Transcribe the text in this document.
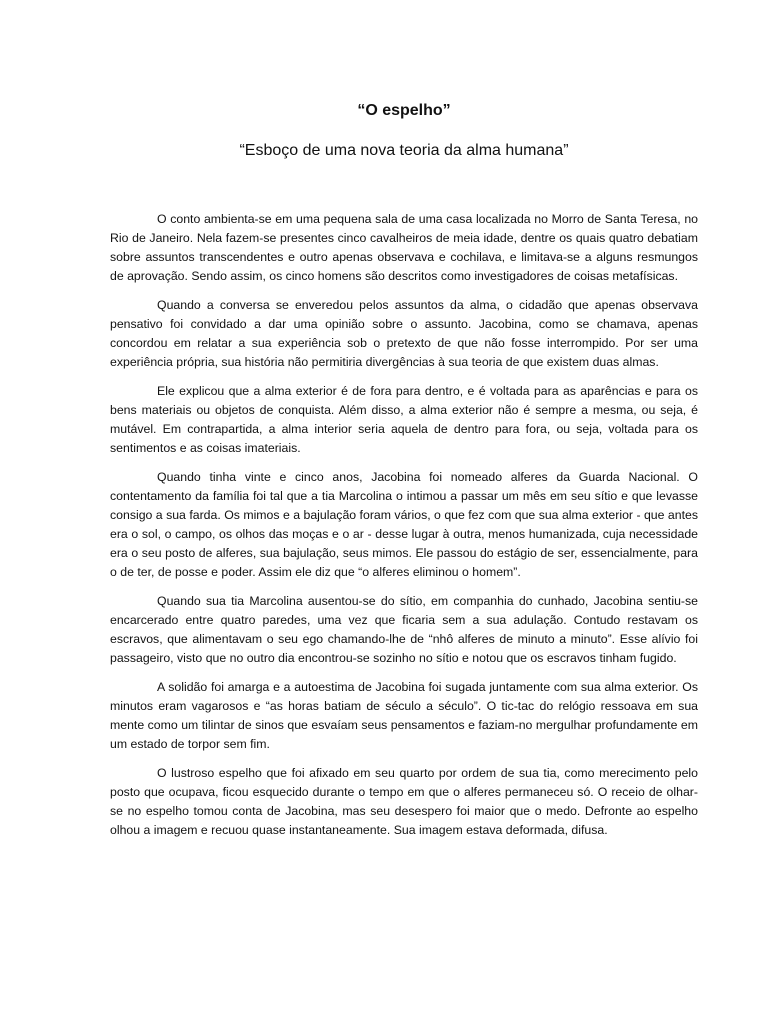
“O espelho”
“Esboço de uma nova teoria da alma humana”

O conto ambienta-se em uma pequena sala de uma casa localizada no Morro de Santa Teresa, no Rio de Janeiro. Nela fazem-se presentes cinco cavalheiros de meia idade, dentre os quais quatro debatiam sobre assuntos transcendentes e outro apenas observava e cochilava, e limitava-se a alguns resmungos de aprovação. Sendo assim, os cinco homens são descritos como investigadores de coisas metafísicas.

Quando a conversa se enveredou pelos assuntos da alma, o cidadão que apenas observava pensativo foi convidado a dar uma opinião sobre o assunto. Jacobina, como se chamava, apenas concordou em relatar a sua experiência sob o pretexto de que não fosse interrompido. Por ser uma experiência própria, sua história não permitiria divergências à sua teoria de que existem duas almas.

Ele explicou que a alma exterior é de fora para dentro, e é voltada para as aparências e para os bens materiais ou objetos de conquista. Além disso, a alma exterior não é sempre a mesma, ou seja, é mutável. Em contrapartida, a alma interior seria aquela de dentro para fora, ou seja, voltada para os sentimentos e as coisas imateriais.

Quando tinha vinte e cinco anos, Jacobina foi nomeado alferes da Guarda Nacional. O contentamento da família foi tal que a tia Marcolina o intimou a passar um mês em seu sítio e que levasse consigo a sua farda. Os mimos e a bajulação foram vários, o que fez com que sua alma exterior - que antes era o sol, o campo, os olhos das moças e o ar - desse lugar à outra, menos humanizada, cuja necessidade era o seu posto de alferes, sua bajulação, seus mimos. Ele passou do estágio de ser, essencialmente, para o de ter, de posse e poder. Assim ele diz que “o alferes eliminou o homem”.

Quando sua tia Marcolina ausentou-se do sítio, em companhia do cunhado, Jacobina sentiu-se encarcerado entre quatro paredes, uma vez que ficaria sem a sua adulação. Contudo restavam os escravos, que alimentavam o seu ego chamando-lhe de “nhô alferes de minuto a minuto”. Esse alívio foi passageiro, visto que no outro dia encontrou-se sozinho no sítio e notou que os escravos tinham fugido.

A solidão foi amarga e a autoestima de Jacobina foi sugada juntamente com sua alma exterior. Os minutos eram vagarosos e “as horas batiam de século a século”. O tic-tac do relógio ressoava em sua mente como um tilintar de sinos que esvaíam seus pensamentos e faziam-no mergulhar profundamente em um estado de torpor sem fim.

O lustroso espelho que foi afixado em seu quarto por ordem de sua tia, como merecimento pelo posto que ocupava, ficou esquecido durante o tempo em que o alferes permaneceu só. O receio de olhar-se no espelho tomou conta de Jacobina, mas seu desespero foi maior que o medo. Defronte ao espelho olhou a imagem e recuou quase instantaneamente. Sua imagem estava deformada, difusa.
